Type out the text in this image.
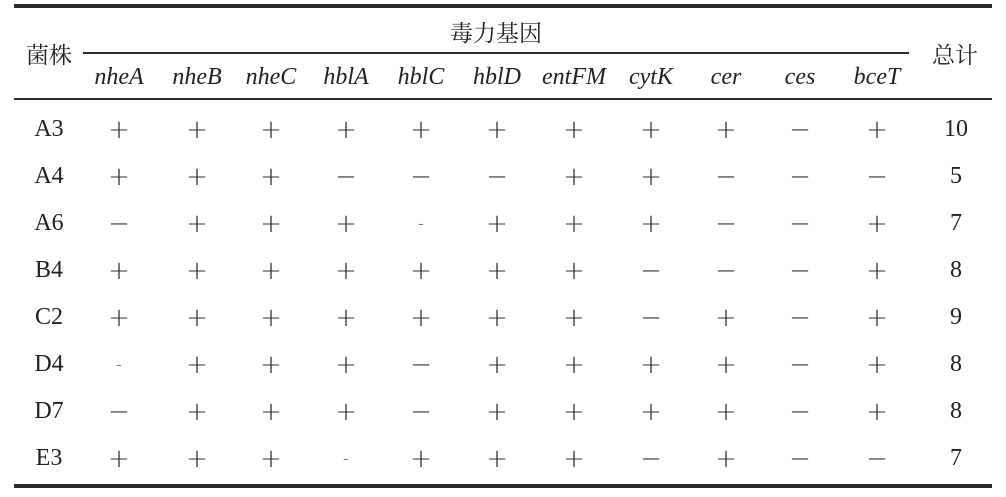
菌株
毒力基因
总计
nheA	nheB	nheC	hblA	hblC	hblD entFM cytK	cer	ces	bceT
A3	+	+	+	+	+	+	+	+	+	−	+	10
A4	+	+	+	−	−	−	+	+	−	−	−	5
A6	−	+	+	+	-	+	+	+	−	−	+	7
B4	+	+	+	+	+	+	+	−	−	−	+	8
C2	+	+	+	+	+	+	+	−	+	−	+	9
D4	-	+	+	+	−	+	+	+	+	−	+	8
D7	−	+	+	+	−	+	+	+	+	−	+	8
E3	+	+	+	-	+	+	+	−	+	−	−	7
